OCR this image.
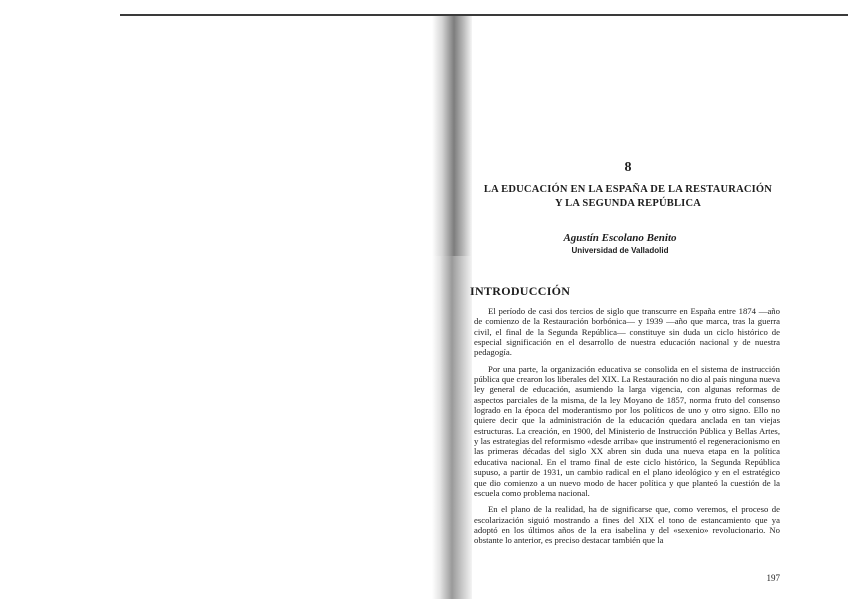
8
LA EDUCACIÓN EN LA ESPAÑA DE LA RESTAURACIÓN
Y LA SEGUNDA REPÚBLICA
Agustín Escolano Benito
Universidad de Valladolid
INTRODUCCIÓN

El período de casi dos tercios de siglo que transcurre en España entre 1874 —año de comienzo de la Restauración borbónica— y 1939 —año que marca, tras la guerra civil, el final de la Segunda República— constituye sin duda un ciclo histórico de especial significación en el desarrollo de nuestra educación nacional y de nuestra pedagogía.

Por una parte, la organización educativa se consolida en el sistema de instrucción pública que crearon los liberales del XIX. La Restauración no dio al país ninguna nueva ley general de educación, asumiendo la larga vigencia, con algunas reformas de aspectos parciales de la misma, de la ley Moyano de 1857, norma fruto del consenso logrado en la época del moderantismo por los políticos de uno y otro signo. Ello no quiere decir que la administración de la educación quedara anclada en tan viejas estructuras. La creación, en 1900, del Ministerio de Instrucción Pública y Bellas Artes, y las estrategias del reformismo «desde arriba» que instrumentó el regeneracionismo en las primeras décadas del siglo XX abren sin duda una nueva etapa en la política educativa nacional. En el tramo final de este ciclo histórico, la Segunda República supuso, a partir de 1931, un cambio radical en el plano ideológico y en el estratégico que dio comienzo a un nuevo modo de hacer política y que planteó la cuestión de la escuela como problema nacional.

En el plano de la realidad, ha de significarse que, como veremos, el proceso de escolarización siguió mostrando a fines del XIX el tono de estancamiento que ya adoptó en los últimos años de la era isabelina y del «sexenio» revolucionario. No obstante lo anterior, es preciso destacar también que la

197
